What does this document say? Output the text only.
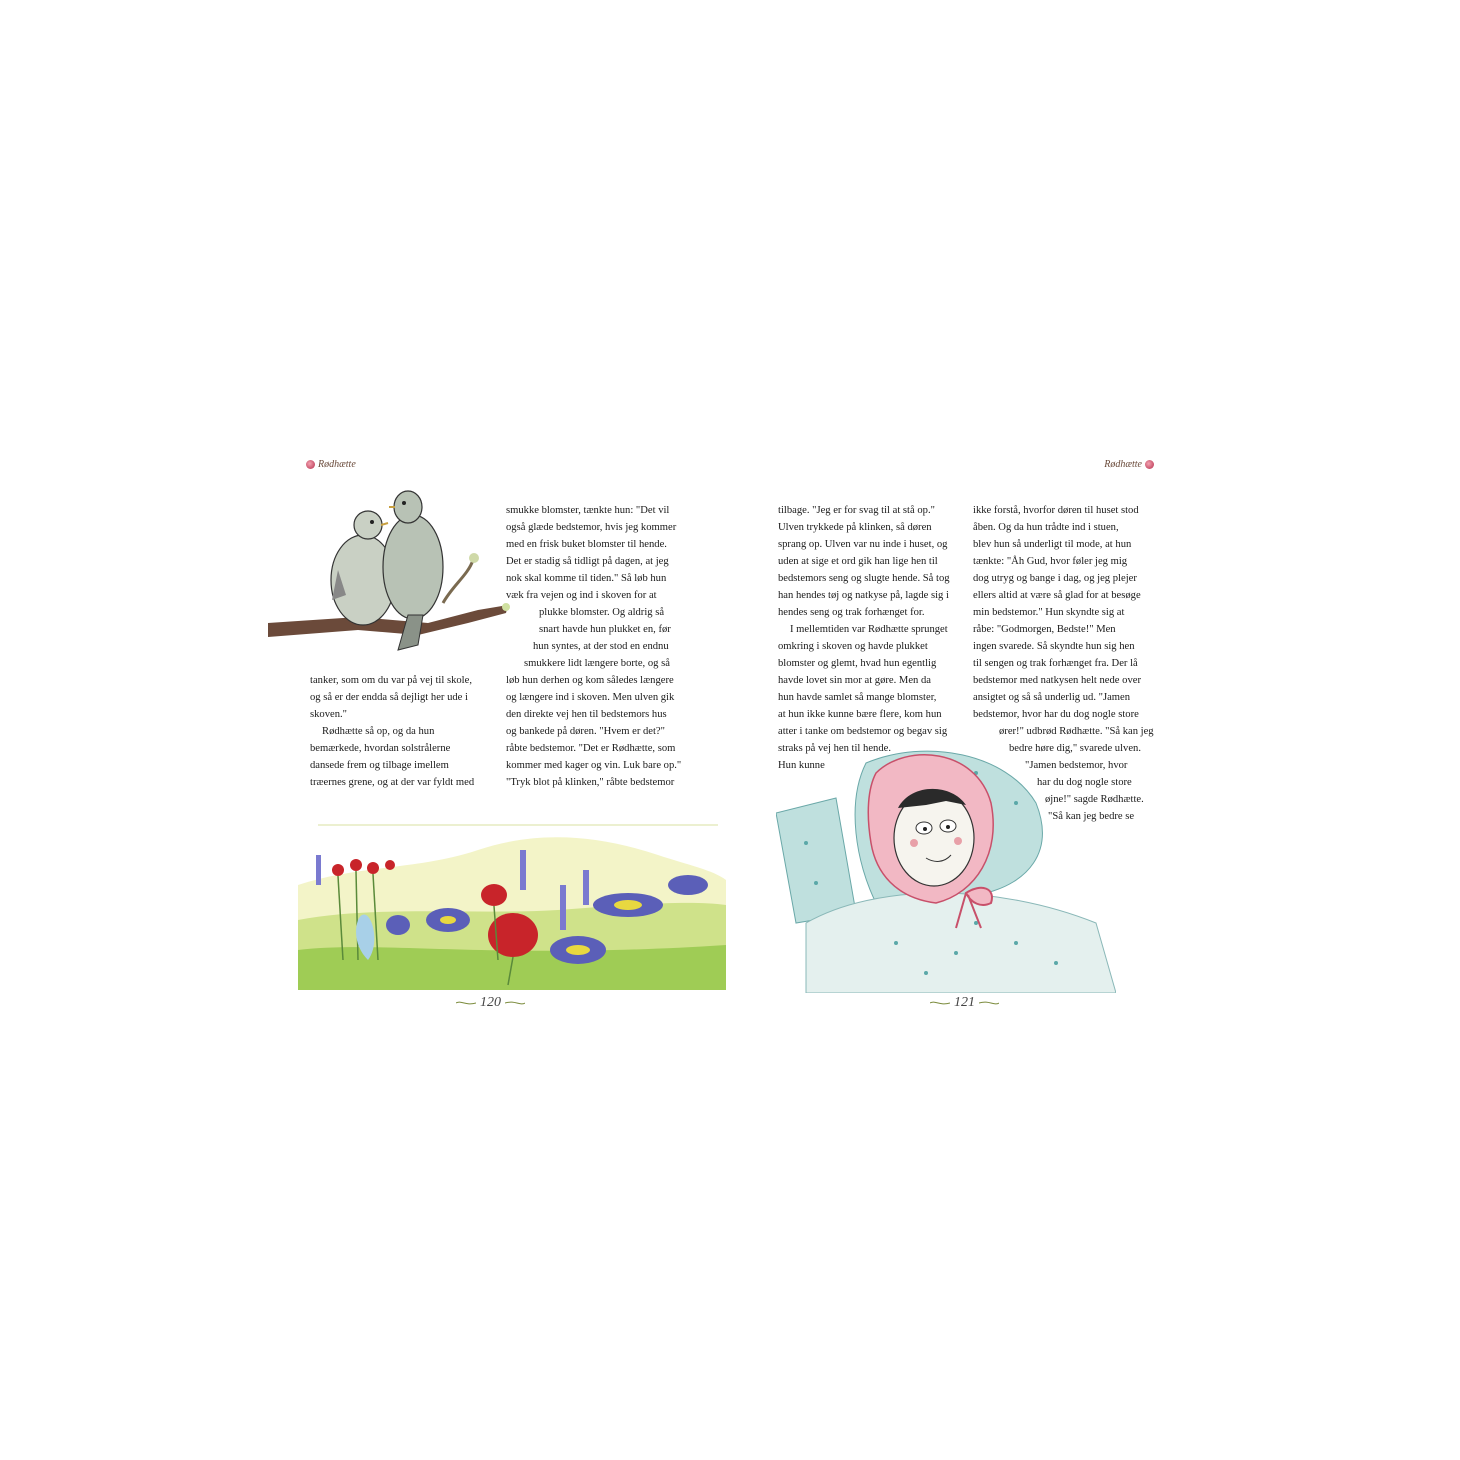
Rødhætte

smukke blomster, tænkte hun: "Det vil

også glæde bedstemor, hvis jeg kommer

med en frisk buket blomster til hende.

Det er stadig så tidligt på dagen, at jeg

nok skal komme til tiden." Så løb hun

væk fra vejen og ind i skoven for at

plukke blomster. Og aldrig så

snart havde hun plukket en, før

hun syntes, at der stod en endnu

smukkere lidt længere borte, og så

løb hun derhen og kom således længere

og længere ind i skoven. Men ulven gik

den direkte vej hen til bedstemors hus

og bankede på døren. "Hvem er det?"

råbte bedstemor. "Det er Rødhætte, som

kommer med kager og vin. Luk bare op."

"Tryk blot på klinken," råbte bedstemor

tanker, som om du var på vej til skole,

og så er der endda så dejligt her ude i

skoven."

Rødhætte så op, og da hun

bemærkede, hvordan solstrålerne

dansede frem og tilbage imellem

træernes grene, og at der var fyldt med

120
Rødhætte

tilbage. "Jeg er for svag til at stå op."

Ulven trykkede på klinken, så døren

sprang op. Ulven var nu inde i huset, og

uden at sige et ord gik han lige hen til

bedstemors seng og slugte hende. Så tog

han hendes tøj og natkyse på, lagde sig i

hendes seng og trak forhænget for.

I mellemtiden var Rødhætte sprunget

omkring i skoven og havde plukket

blomster og glemt, hvad hun egentlig

havde lovet sin mor at gøre. Men da

hun havde samlet så mange blomster,

at hun ikke kunne bære flere, kom hun

atter i tanke om bedstemor og begav sig

straks på vej hen til hende.

Hun kunne

ikke forstå, hvorfor døren til huset stod

åben. Og da hun trådte ind i stuen,

blev hun så underligt til mode, at hun

tænkte: "Åh Gud, hvor føler jeg mig

dog utryg og bange i dag, og jeg plejer

ellers altid at være så glad for at besøge

min bedstemor." Hun skyndte sig at

råbe: "Godmorgen, Bedste!" Men

ingen svarede. Så skyndte hun sig hen

til sengen og trak forhænget fra. Der lå

bedstemor med natkysen helt nede over

ansigtet og så så underlig ud. "Jamen

bedstemor, hvor har du dog nogle store

ører!" udbrød Rødhætte. "Så kan jeg

bedre høre dig," svarede ulven.

"Jamen bedstemor, hvor

har du dog nogle store

øjne!" sagde Rødhætte.

"Så kan jeg bedre se

121
